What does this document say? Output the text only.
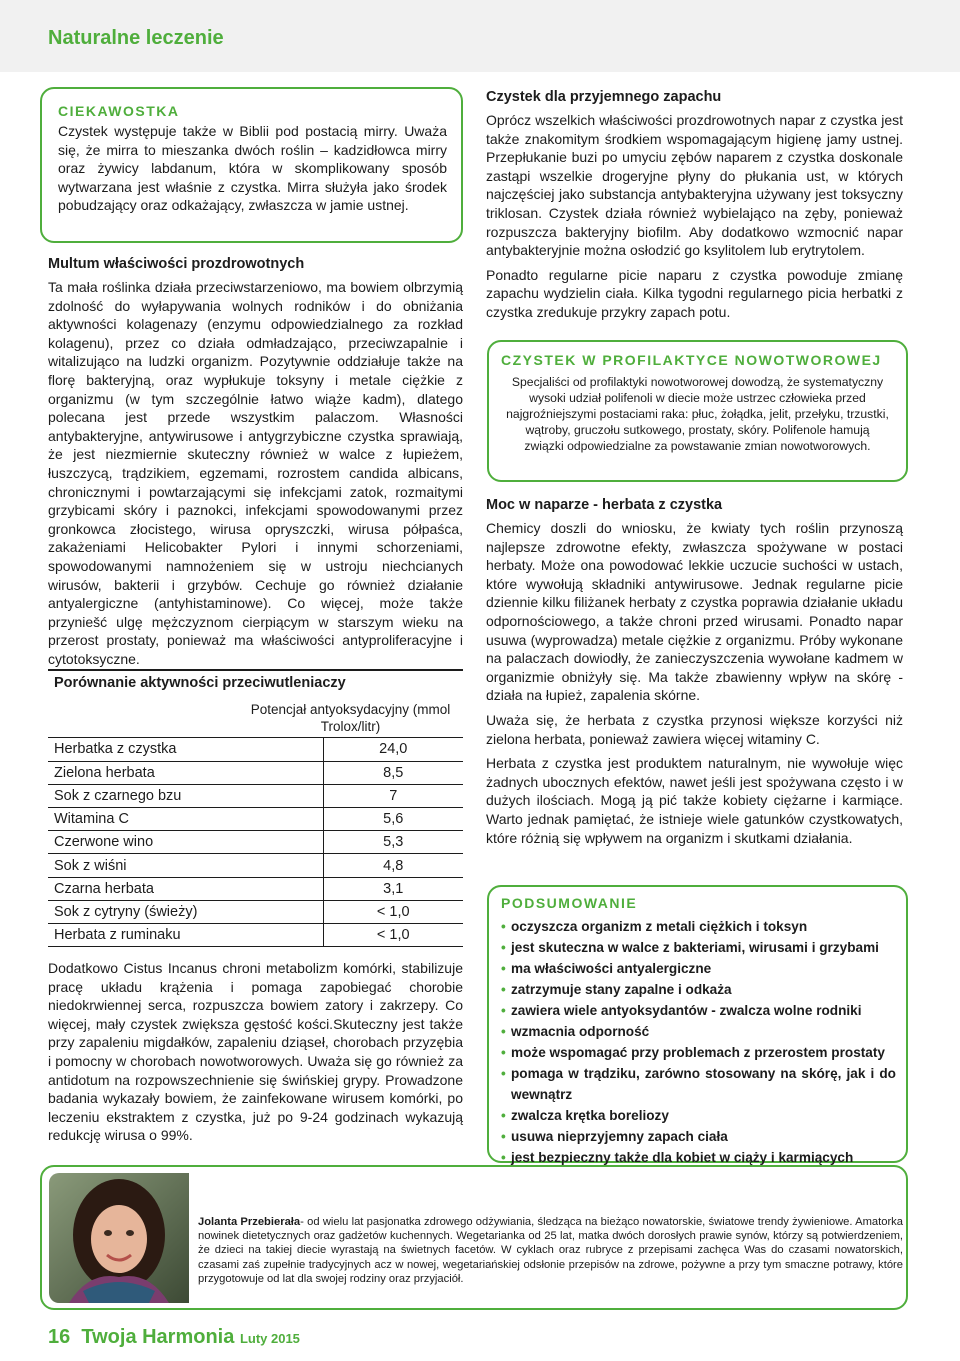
Naturalne leczenie
CIEKAWOSTKA
Czystek występuje także w Biblii pod postacią mirry. Uważa się, że mirra to mieszanka dwóch roślin – kadzidłowca mirry oraz żywicy labdanum, która w skomplikowany sposób wytwarzana jest właśnie z czystka. Mirra służyła jako środek pobudzający oraz odkażający, zwłaszcza w jamie ustnej.
Multum właściwości prozdrowotnych
Ta mała roślinka działa przeciwstarzeniowo, ma bowiem olbrzymią zdolność do wyłapywania wolnych rodników i do obniżania aktywności kolagenazy (enzymu odpowiedzialnego za rozkład kolagenu), przez co działa odmładzająco, przeciwzapalnie i witalizująco na ludzki organizm. Pozytywnie oddziałuje także na florę bakteryjną, oraz wypłukuje toksyny i metale ciężkie z organizmu (w tym szczególnie łatwo wiąże kadm), dlatego polecana jest przede wszystkim palaczom. Własności antybakteryjne, antywirusowe i antygrzybiczne czystka sprawiają, że jest niezmiernie skuteczny również w walce z łupieżem, łuszczycą, trądzikiem, egzemami, rozrostem candida albicans, chronicznymi i powtarzającymi się infekcjami zatok, rozmaitymi grzybicami skóry i paznokci, infekcjami spowodowanymi przez gronkowca złocistego, wirusa opryszczki, wirusa półpaśca, zakażeniami Helicobakter Pylori i innymi schorzeniami, spowodowanymi namnożeniem się w ustroju niechcianych wirusów, bakterii i grzybów. Cechuje go również działanie antyalergiczne (antyhistaminowe). Co więcej, może także przyniešć ulgę mężczyznom cierpiącym w starszym wieku na przerost prostaty, ponieważ ma właściwości antyproliferacyjne i cytotoksyczne.
Porównanie aktywności przeciwutleniaczy
Potencjał antyoksydacyjny (mmol Trolox/litr)
Herbatka z czystka	24,0
Zielona herbata	8,5
Sok z czarnego bzu	7
Witamina C	5,6
Czerwone wino	5,3
Sok z wiśni	4,8
Czarna herbata	3,1
Sok z cytryny (świeży)	< 1,0
Herbata z ruminaku	< 1,0
Dodatkowo Cistus Incanus chroni metabolizm komórki, stabilizuje pracę układu krążenia i pomaga zapobiegać chorobie niedokrwiennej serca, rozpuszcza bowiem zatory i zakrzepy. Co więcej, mały czystek zwiększa gęstość kości.Skuteczny jest także przy zapaleniu migdałków, zapaleniu dziąseł, chorobach przyzębia i pomocny w chorobach nowotworowych. Uważa się go również za antidotum na rozpowszechnienie się świńskiej grypy. Prowadzone badania wykazały bowiem, że zainfekowane wirusem komórki, po leczeniu ekstraktem z czystka, już po 9-24 godzinach wykazują redukcję wirusa o 99%.
Czystek dla przyjemnego zapachu
Oprócz wszelkich właściwości prozdrowotnych napar z czystka jest także znakomitym środkiem wspomagającym higienę jamy ustnej. Przepłukanie buzi po umyciu zębów naparem z czystka doskonale zastąpi wszelkie drogeryjne płyny do płukania ust, w których najczęściej jako substancja antybakteryjna używany jest toksyczny triklosan. Czystek działa również wybielająco na zęby, ponieważ rozpuszcza bakteryjny biofilm. Aby dodatkowo wzmocnić napar antybakteryjnie można osłodzić go ksylitolem lub erytrytolem.
Ponadto regularne picie naparu z czystka powoduje zmianę zapachu wydzielin ciała. Kilka tygodni regularnego picia herbatki z czystka zredukuje przykry zapach potu.
CZYSTEK W PROFILAKTYCE NOWOTWOROWEJ
Specjaliści od profilaktyki nowotworowej dowodzą, że systematyczny wysoki udział polifenoli w diecie może ustrzec człowieka przed najgroźniejszymi postaciami raka: płuc, żołądka, jelit, przełyku, trzustki, wątroby, gruczołu sutkowego, prostaty, skóry. Polifenole hamują związki odpowiedzialne za powstawanie zmian nowotworowych.
Moc w naparze - herbata z czystka
Chemicy doszli do wniosku, że kwiaty tych roślin przynoszą najlepsze zdrowotne efekty, zwłaszcza spożywane w postaci herbaty. Może ona powodować lekkie uczucie suchości w ustach, które wywołują składniki antywirusowe. Jednak regularne picie dziennie kilku filiżanek herbaty z czystka poprawia działanie układu odpornościowego, a także chroni przed wirusami. Ponadto napar usuwa (wyprowadza) metale ciężkie z organizmu. Próby wykonane na palaczach dowiodły, że zanieczyszczenia wywołane kadmem w organizmie obniżyły się. Ma także zbawienny wpływ na skórę - działa na łupież, zapalenia skórne.
Uważa się, że herbata z czystka przynosi większe korzyści niż zielona herbata, ponieważ zawiera więcej witaminy C.
Herbata z czystka jest produktem naturalnym, nie wywołuje więc żadnych ubocznych efektów, nawet jeśli jest spożywana często i w dużych ilościach. Mogą ją pić także kobiety ciężarne i karmiące. Warto jednak pamiętać, że istnieje wiele gatunków czystkowatych, które różnią się wpływem na organizm i skutkami działania.
PODSUMOWANIE
• oczyszcza organizm z metali ciężkich i toksyn
• jest skuteczna w walce z bakteriami, wirusami i grzybami
• ma właściwości antyalergiczne
• zatrzymuje stany zapalne i odkaża
• zawiera wiele antyoksydantów - zwalcza wolne rodniki
• wzmacnia odporność
• może wspomagać przy problemach z przerostem prostaty
• pomaga w trądziku, zarówno stosowany na skórę, jak i do wewnątrz
• zwalcza krętka boreliozy
• usuwa nieprzyjemny zapach ciała
• jest bezpieczny także dla kobiet w ciąży i karmiących
Jolanta Przebierała- od wielu lat pasjonatka zdrowego odżywiania, śledząca na bieżąco nowatorskie, światowe trendy żywieniowe. Amatorka nowinek dietetycznych oraz gadżetów kuchennych. Wegetarianka od 25 lat, matka dwóch dorosłych prawie synów, którzy są potwierdzeniem, że dzieci na takiej diecie wyrastają na świetnych facetów. W cyklach oraz rubryce z przepisami zachęca Was do czasami nowatorskich, czasami zaś zupełnie tradycyjnych acz w nowej, wegetariańskiej odsłonie przepisów na zdrowe, pożywne a przy tym smaczne potrawy, które przygotowuje od lat dla swojej rodziny oraz przyjaciół.
16 Twoja Harmonia Luty 2015
